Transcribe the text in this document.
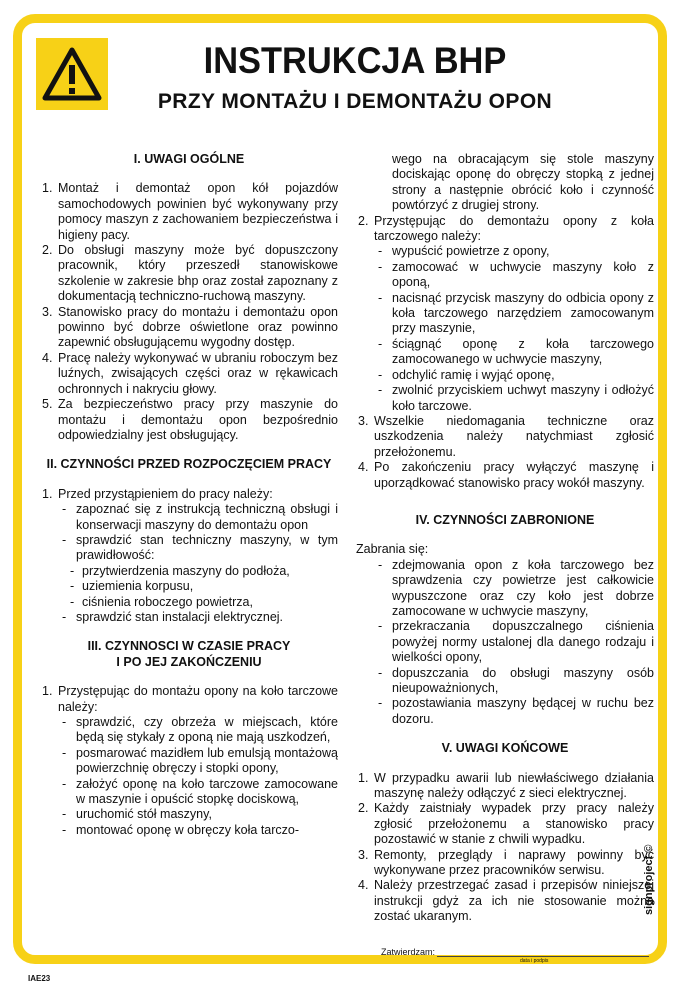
INSTRUKCJA BHP
PRZY MONTAŻU I DEMONTAŻU OPON
I. UWAGI OGÓLNE
1. Montaż i demontaż opon kół pojazdów samochodowych powinien być wykonywany przy pomocy maszyn z zachowaniem bezpieczeństwa i higieny pacy.
2. Do obsługi maszyny może być dopuszczony pracownik, który przeszedł stanowiskowe szkolenie w zakresie bhp oraz został zapoznany z dokumentacją techniczno-ruchową maszyny.
3. Stanowisko pracy do montażu i demontażu opon powinno być dobrze oświetlone oraz powinno zapewnić obsługującemu wygodny dostęp.
4. Pracę należy wykonywać w ubraniu roboczym bez luźnych, zwisających części oraz w rękawicach ochronnych i nakryciu głowy.
5. Za bezpieczeństwo pracy przy maszynie do montażu i demontażu opon bezpośrednio odpowiedzialny jest obsługujący.
II. CZYNNOŚCI PRZED ROZPOCZĘCIEM PRACY
1. Przed przystąpieniem do pracy należy:
- zapoznać się z instrukcją techniczną obsługi i konserwacji maszyny do demontażu opon
- sprawdzić stan techniczny maszyny, w tym prawidłowość:
- przytwierdzenia maszyny do podłoża,
- uziemienia korpusu,
- ciśnienia roboczego powietrza,
- sprawdzić stan instalacji elektrycznej.
III. CZYNNOSCI W CZASIE PRACY
I PO JEJ ZAKOŃCZENIU
1. Przystępując do montażu opony na koło tarczowe należy:
- sprawdzić, czy obrzeża w miejscach, które będą się stykały z oponą nie mają uszkodzeń,
- posmarować mazidłem lub emulsją montażową powierzchnię obręczy i stopki opony,
- założyć oponę na koło tarczowe zamocowane w maszynie i opuścić stopkę dociskową,
- uruchomić stół maszyny,
- montować oponę w obręczy koła tarczo-
wego na obracającym się stole maszyny dociskając oponę do obręczy stopką z jednej strony a następnie obrócić koło i czynność powtórzyć z drugiej strony.
2. Przystępując do demontażu opony z koła tarczowego należy:
- wypuścić powietrze z opony,
- zamocować w uchwycie maszyny koło z oponą,
- nacisnąć przycisk maszyny do odbicia opony z koła tarczowego narzędziem zamocowanym przy maszynie,
- ściągnąć oponę z koła tarczowego zamocowanego w uchwycie maszyny,
- odchylić ramię i wyjąć oponę,
- zwolnić przyciskiem uchwyt maszyny i odłożyć koło tarczowe.
3. Wszelkie niedomagania techniczne oraz uszkodzenia należy natychmiast zgłosić przełożonemu.
4. Po zakończeniu pracy wyłączyć maszynę i uporządkować stanowisko pracy wokół maszyny.
IV. CZYNNOŚCI ZABRONIONE
Zabrania się:
- zdejmowania opon z koła tarczowego bez sprawdzenia czy powietrze jest całkowicie wypuszczone oraz czy koło jest dobrze zamocowane w uchwycie maszyny,
- przekraczania dopuszczalnego ciśnienia powyżej normy ustalonej dla danego rodzaju i wielkości opony,
- dopuszczania do obsługi maszyny osób nieupoważnionych,
- pozostawiania maszyny będącej w ruchu bez dozoru.
V. UWAGI KOŃCOWE
1. W przypadku awarii lub niewłaściwego działania maszynę należy odłączyć z sieci elektrycznej.
2. Każdy zaistniały wypadek przy pracy należy zgłosić przełożonemu a stanowisko pracy pozostawić w stanie z chwili wypadku.
3. Remonty, przeglądy i naprawy powinny być wykonywane przez pracowników serwisu.
4. Należy przestrzegać zasad i przepisów niniejszej instrukcji gdyż za ich nie stosowanie można zostać ukaranym.
Zatwierdzam:
data i podpis
IAE23
signproject ©
